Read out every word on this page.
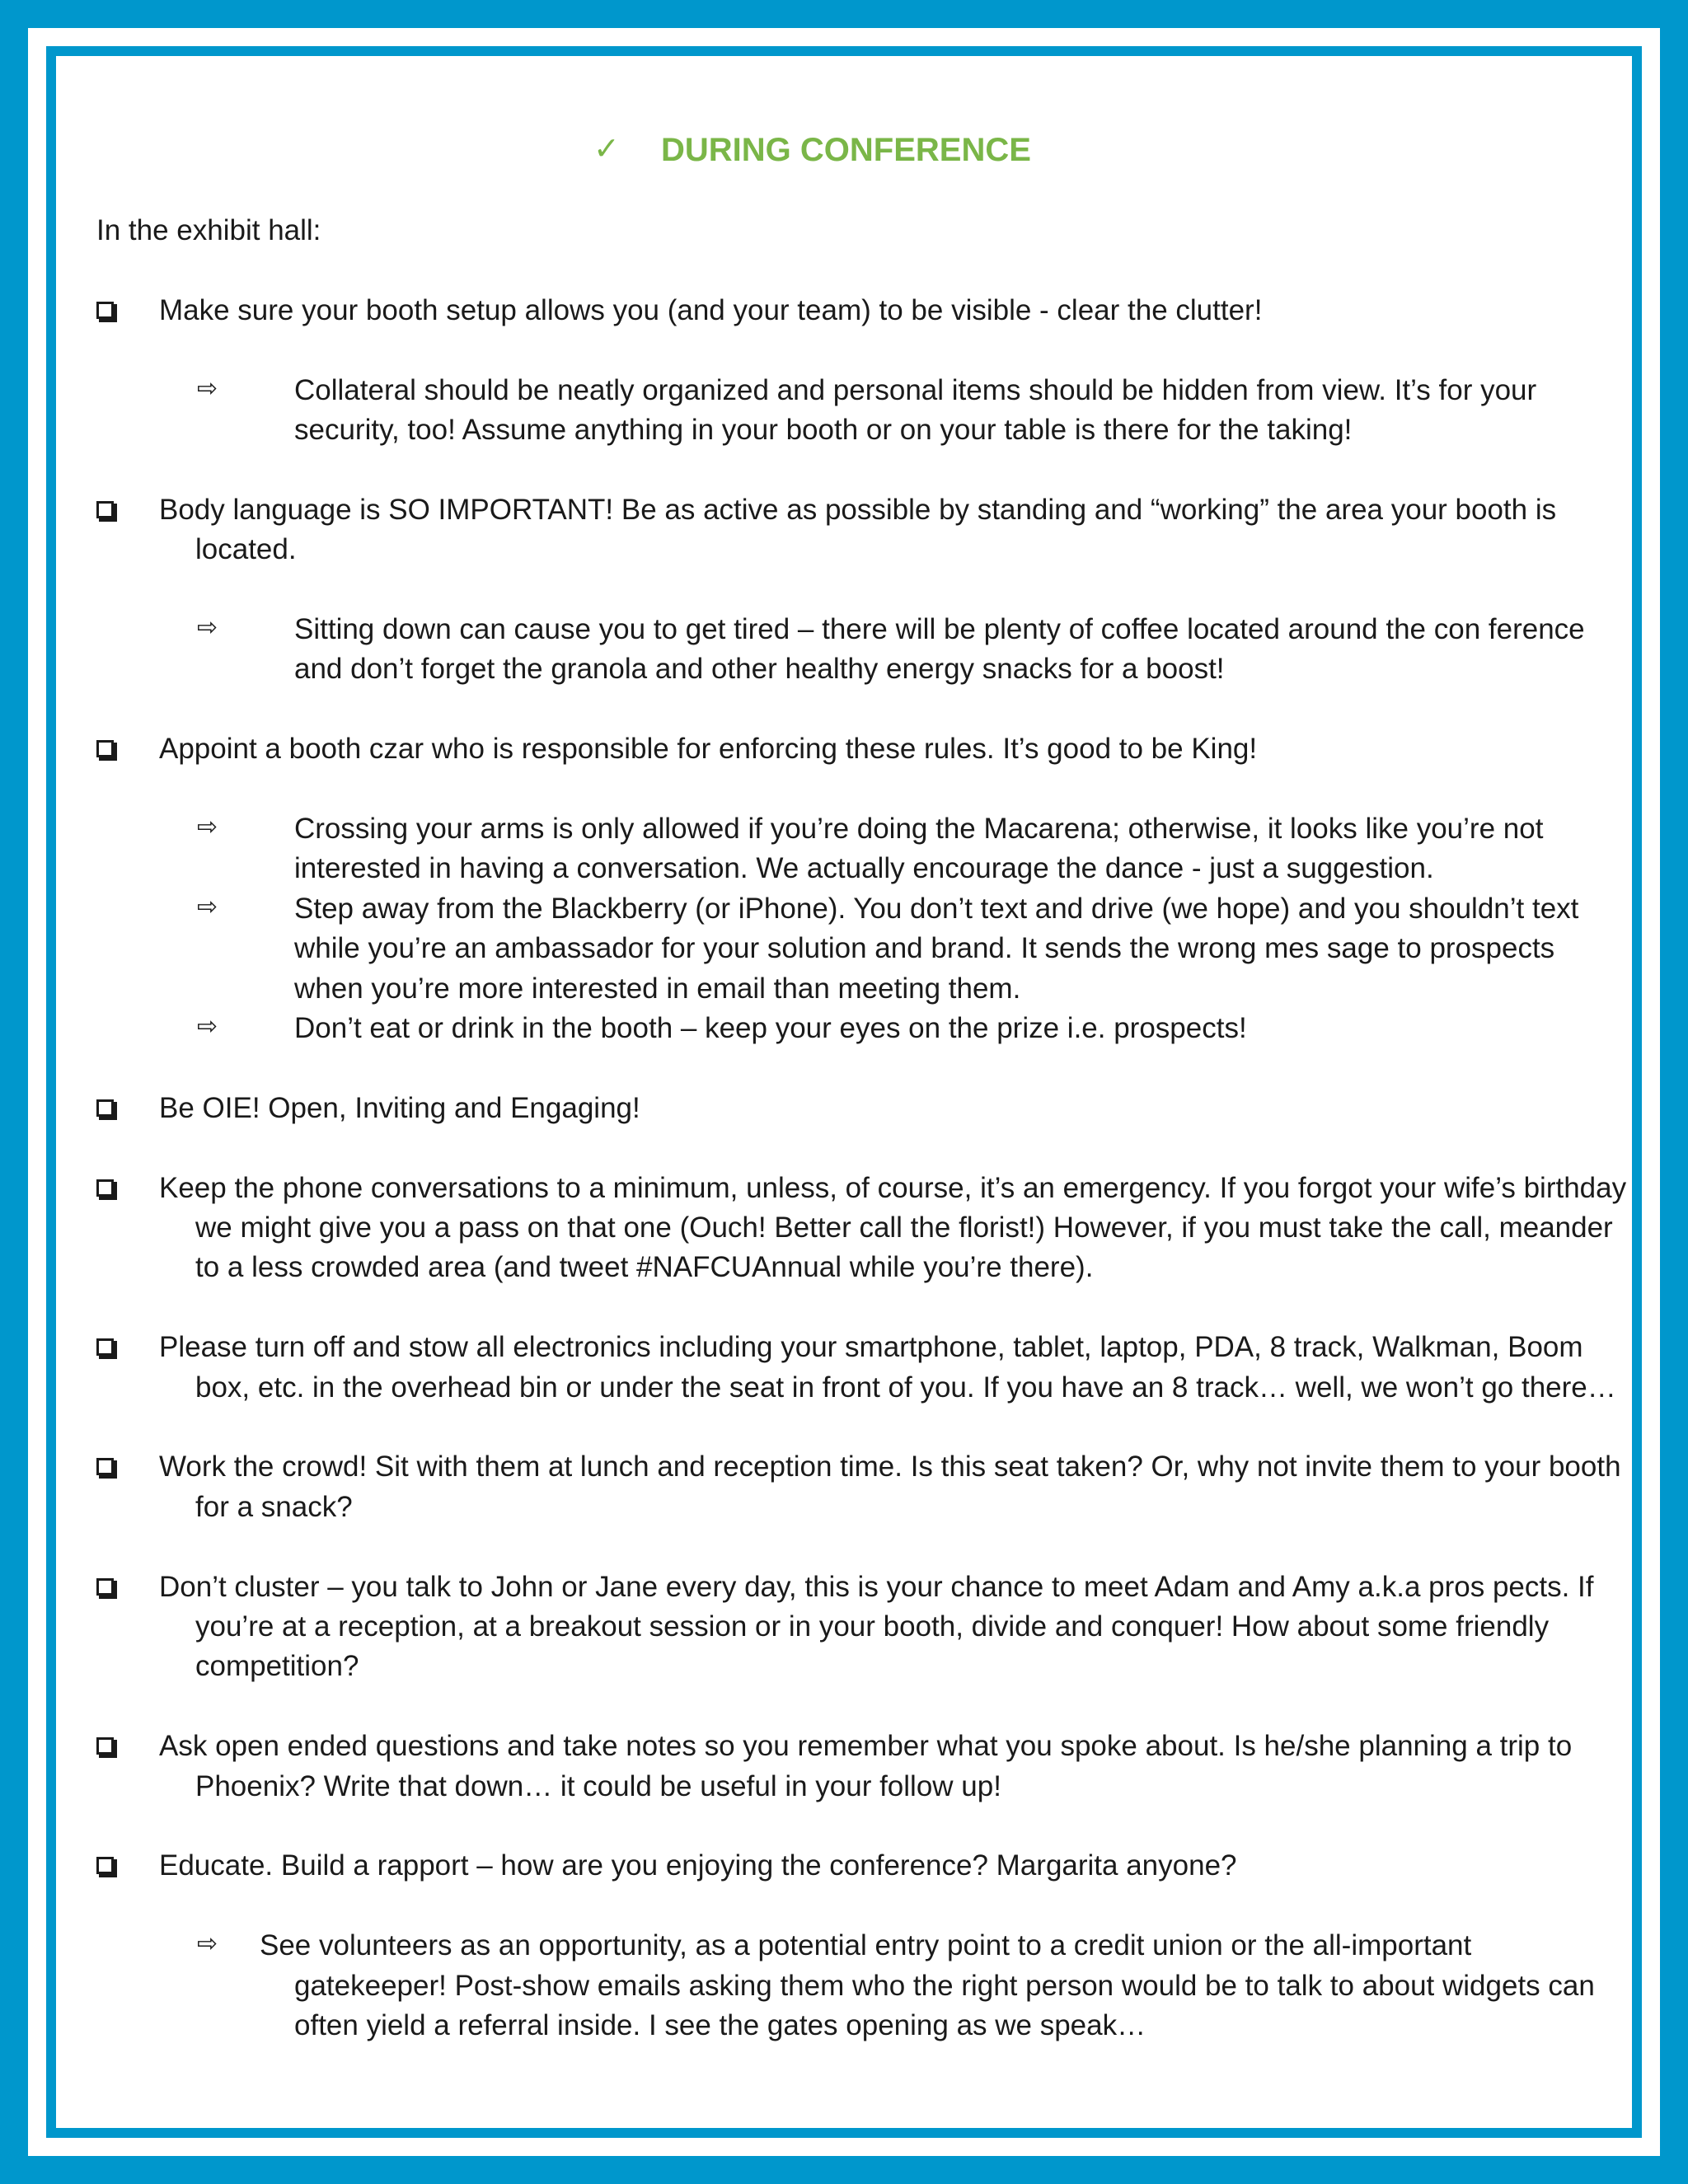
✓ DURING CONFERENCE
In the exhibit hall:
Make sure your booth setup allows you (and your team) to be visible - clear the clutter!
⇨	Collateral should be neatly organized and personal items should be hidden from view. It’s for your security, too! Assume anything in your booth or on your table is there for the taking!
Body language is SO IMPORTANT! Be as active as possible by standing and “working” the area your booth is located.
⇨	Sitting down can cause you to get tired – there will be plenty of coffee located around the con ference and don’t forget the granola and other healthy energy snacks for a boost!
Appoint a booth czar who is responsible for enforcing these rules. It’s good to be King!
⇨	Crossing your arms is only allowed if you’re doing the Macarena; otherwise, it looks like you’re not interested in having a conversation. We actually encourage the dance - just a suggestion.
⇨	Step away from the Blackberry (or iPhone). You don’t text and drive (we hope) and you shouldn’t text while you’re an ambassador for your solution and brand. It sends the wrong mes sage to prospects when you’re more interested in email than meeting them.
⇨	Don’t eat or drink in the booth – keep your eyes on the prize i.e. prospects!
Be OIE! Open, Inviting and Engaging!
Keep the phone conversations to a minimum, unless, of course, it’s an emergency. If you forgot your wife’s birthday we might give you a pass on that one (Ouch! Better call the florist!) However, if you must take the call, meander to a less crowded area (and tweet #NAFCUAnnual while you’re there).
Please turn off and stow all electronics including your smartphone, tablet, laptop, PDA, 8 track, Walkman, Boom box, etc. in the overhead bin or under the seat in front of you. If you have an 8 track… well, we won’t go there…
Work the crowd! Sit with them at lunch and reception time. Is this seat taken? Or, why not invite them to your booth for a snack?
Don’t cluster – you talk to John or Jane every day, this is your chance to meet Adam and Amy a.k.a pros pects. If you’re at a reception, at a breakout session or in your booth, divide and conquer! How about some friendly competition?
Ask open ended questions and take notes so you remember what you spoke about. Is he/she planning a trip to Phoenix? Write that down… it could be useful in your follow up!
Educate. Build a rapport – how are you enjoying the conference? Margarita anyone?
⇨ See volunteers as an opportunity, as a potential entry point to a credit union or the all-important gatekeeper! Post-show emails asking them who the right person would be to talk to about widgets can often yield a referral inside. I see the gates opening as we speak…
